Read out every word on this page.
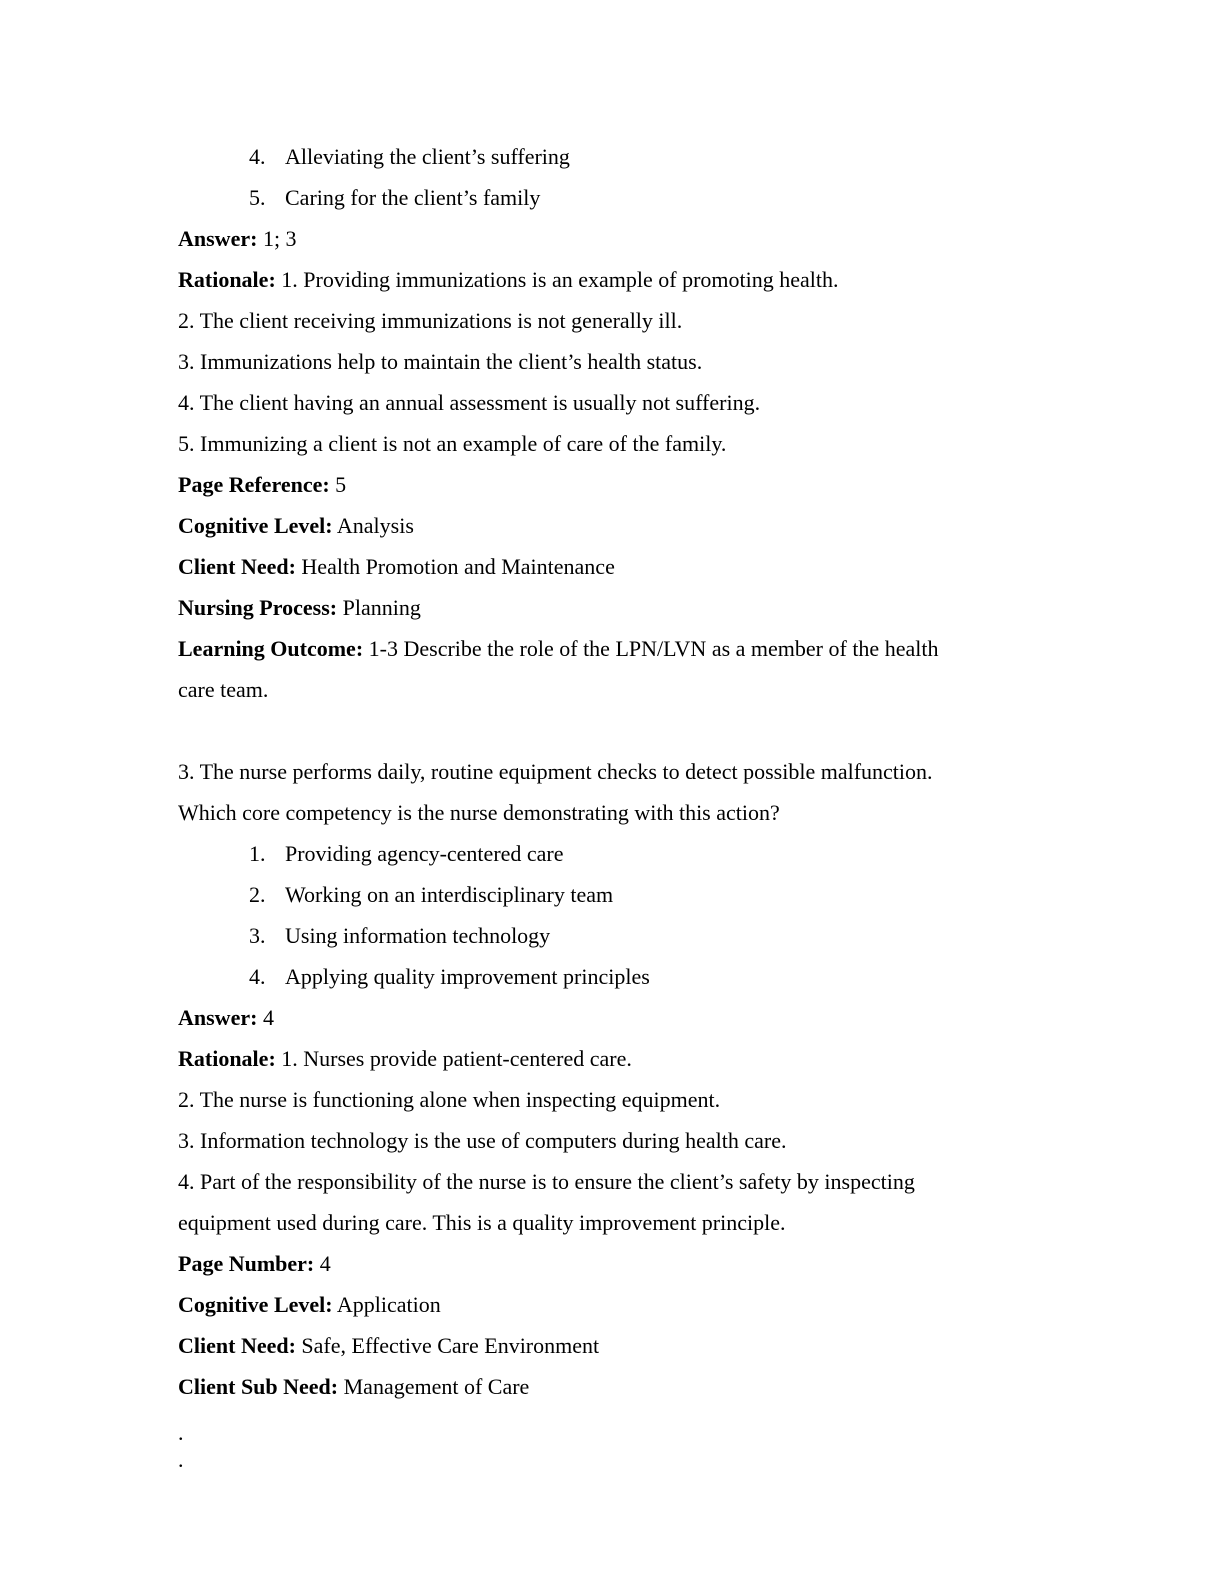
4. Alleviating the client’s suffering
5. Caring for the client’s family
Answer: 1; 3
Rationale: 1. Providing immunizations is an example of promoting health.
2. The client receiving immunizations is not generally ill.
3. Immunizations help to maintain the client’s health status.
4. The client having an annual assessment is usually not suffering.
5. Immunizing a client is not an example of care of the family.
Page Reference: 5
Cognitive Level: Analysis
Client Need: Health Promotion and Maintenance
Nursing Process: Planning
Learning Outcome: 1-3 Describe the role of the LPN/LVN as a member of the health
care team.
3. The nurse performs daily, routine equipment checks to detect possible malfunction.
Which core competency is the nurse demonstrating with this action?
1. Providing agency-centered care
2. Working on an interdisciplinary team
3. Using information technology
4. Applying quality improvement principles
Answer: 4
Rationale: 1. Nurses provide patient-centered care.
2. The nurse is functioning alone when inspecting equipment.
3. Information technology is the use of computers during health care.
4. Part of the responsibility of the nurse is to ensure the client’s safety by inspecting
equipment used during care. This is a quality improvement principle.
Page Number: 4
Cognitive Level: Application
Client Need: Safe, Effective Care Environment
Client Sub Need: Management of Care
.
.
